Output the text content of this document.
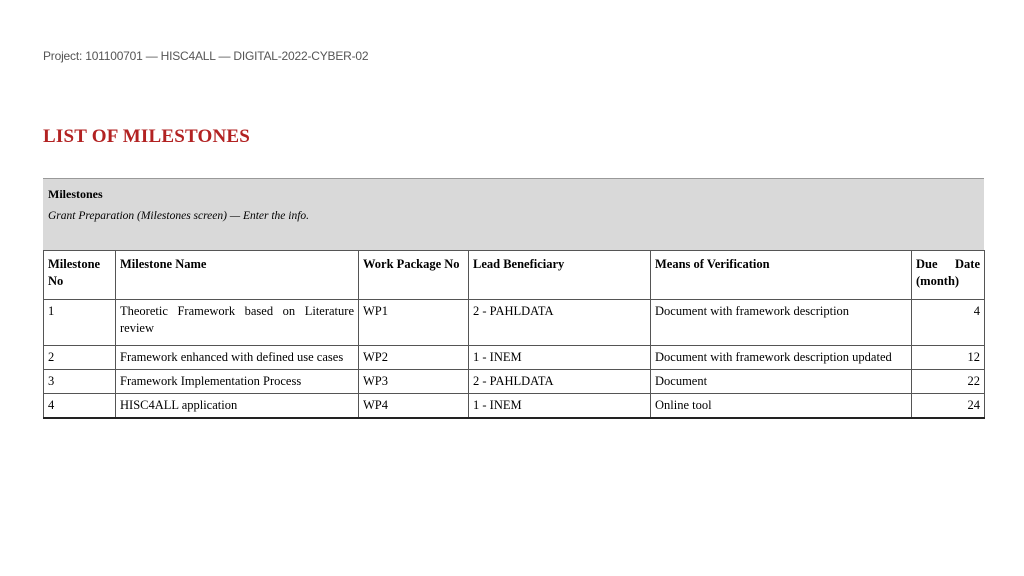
Project: 101100701 — HISC4ALL — DIGITAL-2022-CYBER-02
LIST OF MILESTONES
Milestones
Grant Preparation (Milestones screen) — Enter the info.
Milestone No	Milestone Name	Work Package No	Lead Beneficiary	Means of Verification	Due Date (month)
1	Theoretic Framework based on Literature review	WP1	2 - PAHLDATA	Document with framework description	4
2	Framework enhanced with defined use cases	WP2	1 - INEM	Document with framework description updated	12
3	Framework Implementation Process	WP3	2 - PAHLDATA	Document	22
4	HISC4ALL application	WP4	1 - INEM	Online tool	24
